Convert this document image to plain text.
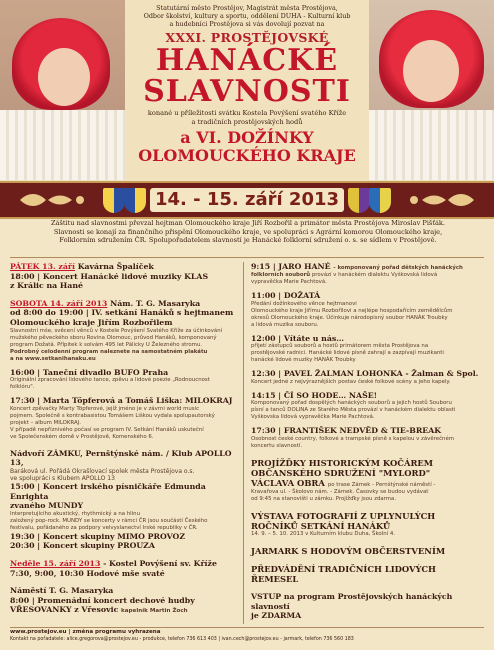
Statutární město Prostějov, Magistrát města Prostějova,
Odbor školství, kultury a sportu, oddělení DUHA - Kulturní klub
a hudebníci Prostějova si vás dovolují pozvat na
XXXI. PROSTĚJOVSKÉ
HANÁCKÉ
SLAVNOSTI
konané u příležitosti svátku Kostela Povýšení svatého Kříže
a tradičních prostějovských hodů
a VI. DOŽÍNKY
OLOMOUCKÉHO KRAJE
14. - 15. září 2013
Záštitu nad slavnostmi převzal hejtman Olomouckého kraje Jiří Rozbořil a primátor města Prostějova Miroslav Pišťák.
Slavnosti se konají za finančního přispění Olomouckého kraje, ve spolupráci s Agrární komorou Olomouckého kraje,
Folklorním sdružením ČR. Spolupořadatelem slavností je Hanácké folklorní sdružení o. s. se sídlem v Prostějově.
PÁTEK 13. září Kavárna Špalíček
18:00 | Koncert Hanácké lidové muziky KLAS
z Králic na Hané
SOBOTA 14. září 2013 Nám. T. G. Masaryka
od 8:00 do 19:00 | IV. setkání Hanáků s hejtmanem
Olomouckého kraje Jiřím Rozbořilem
Slavnostní mše, svěcení věnců v Kostele Povýšení Svatého Kříže za účinkování
mužského pěveckého sboru Rovina Olomouc, průvod Hanáků, komponovaný
program Dožatá. Přípitek k solvám 495 let Pálicky U Železného stromu.
Podrobný celodenní program naleznete na samostatném plakátu
a na www.setkanihanaku.eu
16:00 | Taneční divadlo BUFO Praha
Originální zpracování lidového tance, zpěvu a lidové poezie „Rodnoucnost
folklóru".
17:30 | Marta Töpferová a Tomáš Liška: MILOKRAJ
Koncert zpěvačky Marty Töpferové, jejíž jméno je v závrni world music
pojmem. Společně s kontrabasistou Tomášem Liškou vydala spolupautorský
projekt – album MILOKRAJ.
V případě nepříznivého počasí se program IV. Setkání Hanáků uskuteční
ve Společenském domě v Prostějově, Komenského 6.
Nádvoří ZÁMKU, Pernštýnské nám. / Klub APOLLO 13,
Baráková ul. Pořádá Okrašlovací spolek města Prostějova o.s.
ve spolupráci s Klubem APOLLO 13
15:00 | Koncert irského písničkáře Edmunda Enrighta
zvaného MUNDY
Interpretujícího akustický, rhythmický a na hlinu
založený pop-rock. MUNDY se koncerty v rámci ČR jsou součástí Českého
festivalu, pořádaného za podpory velvyslanectví Irské republiky v ČR.
19:30 | Koncert skupiny MIMO PROVOZ
20:30 | Koncert skupiny PROUZA
Neděle 15. září 2013 - Kostel Povýšení sv. Kříže
7:30, 9:00, 10:30 Hodové mše svaté
Náměstí T. G. Masaryka
8:00 | Promenádní koncert dechové hudby
VŘESOVANKY z Vřesovic kapelník Martin Žoch
9:15 | JARO HANÉ - komponovaný pořad dětských hanáckých
folklorních souborů provází v hanáckém dialektu Vyškovská lidová
vypravěčka Marie Pachtová.
11:00 | DOŽATÁ
Předání dožínkového věnce hejtmanovi
Olomouckého kraje Jiřímu Rozbořilovi a nejlépe hospodařícím zemědělcům
okresů Olomouckého kraje. Účinkuje národopisný soubor HANÁK Troubky
a lidová muzika souboru.
12:00 | Vítáte u nás…
přijetí zástupců souborů a hostů primátorem města Prostějova na
prostějovské radnici. Hanácké lidové písně zahrají a zazpívají muzikanti
hanácké lidové muziky HANÁK Troubky
12:30 | PAVEL ŽALMAN LOHONKA - Žalman & Spol.
Koncert jedné z nejvýraznějších postav české folkové scény a jeho kapely.
14:15 | ČÍ SO HODE… NAŠE!
Komponovaný pořad dospělých hanáckých souborů a jejich hostů Souboru
písní a tanců DOLINA ze Starého Města provází v hanáckém dialektu oblasti
Vyškovska lidová vypravěčka Marie Pachtová.
17:30 | FRANTIŠEK NEDVĚD & TIE-BREAK
Osobnost české country, folkové a trampské písně s kapelou v závěrečném
koncertu slavností.
PROJÍŽĎKY HISTORICKÝM KOČÁREM
OBČANSKÉHO SDRUŽENÍ "MYLORD"
VÁCLAVA OBRA po trase Zámek - Pernštýnské náměstí -
Kravařova ul. - Školovo nám. - Zámek. Časovky se budou vydávat
od 9:45 na stanovišti u zámku. Projížďky jsou zdarma.
VÝSTAVA FOTOGRAFIÍ Z UPLYNULÝCH
ROČNÍKŮ SETKÁNÍ HANÁKŮ
14. 9. – 5. 10. 2013 v Kulturním klubu Duha, Školní 4.
JARMARK S HODOVÝM OBČERSTVENÍM
PŘEDVÁDĚNÍ TRADIČNÍCH LIDOVÝCH
ŘEMESEL
VSTUP na program Prostějovských hanáckých slavností
je ZDARMA
www.prostejov.eu | změna programu vyhrazena
Kontakt na pořadatele: alice.gregorova@prostejov.eu - produkce, telefon 736 613 403 | ivan.cech@prostejov.eu - jarmark, telefon 736 560 183
